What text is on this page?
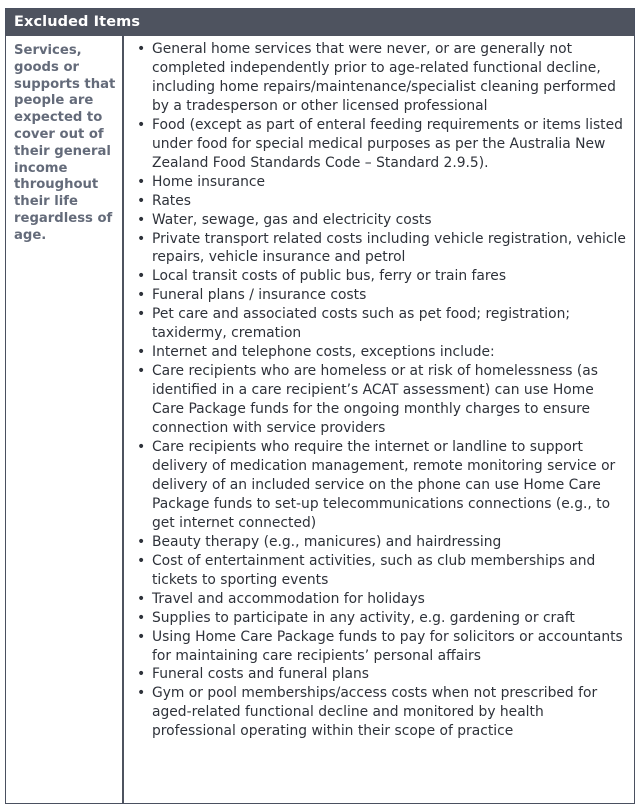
Excluded Items
Services, goods or supports that people are expected to cover out of their general income throughout their life regardless of age.
• General home services that were never, or are generally not completed independently prior to age-related functional decline, including home repairs/maintenance/specialist cleaning performed by a tradesperson or other licensed professional
• Food (except as part of enteral feeding requirements or items listed under food for special medical purposes as per the Australia New Zealand Food Standards Code – Standard 2.9.5).
• Home insurance
• Rates
• Water, sewage, gas and electricity costs
• Private transport related costs including vehicle registration, vehicle repairs, vehicle insurance and petrol
• Local transit costs of public bus, ferry or train fares
• Funeral plans / insurance costs
• Pet care and associated costs such as pet food; registration; taxidermy, cremation
• Internet and telephone costs, exceptions include:
• Care recipients who are homeless or at risk of homelessness (as identified in a care recipient’s ACAT assessment) can use Home Care Package funds for the ongoing monthly charges to ensure connection with service providers
• Care recipients who require the internet or landline to support delivery of medication management, remote monitoring service or delivery of an included service on the phone can use Home Care Package funds to set-up telecommunications connections (e.g., to get internet connected)
• Beauty therapy (e.g., manicures) and hairdressing
• Cost of entertainment activities, such as club memberships and tickets to sporting events
• Travel and accommodation for holidays
• Supplies to participate in any activity, e.g. gardening or craft
• Using Home Care Package funds to pay for solicitors or accountants for maintaining care recipients’ personal affairs
• Funeral costs and funeral plans
• Gym or pool memberships/access costs when not prescribed for aged-related functional decline and monitored by health professional operating within their scope of practice
